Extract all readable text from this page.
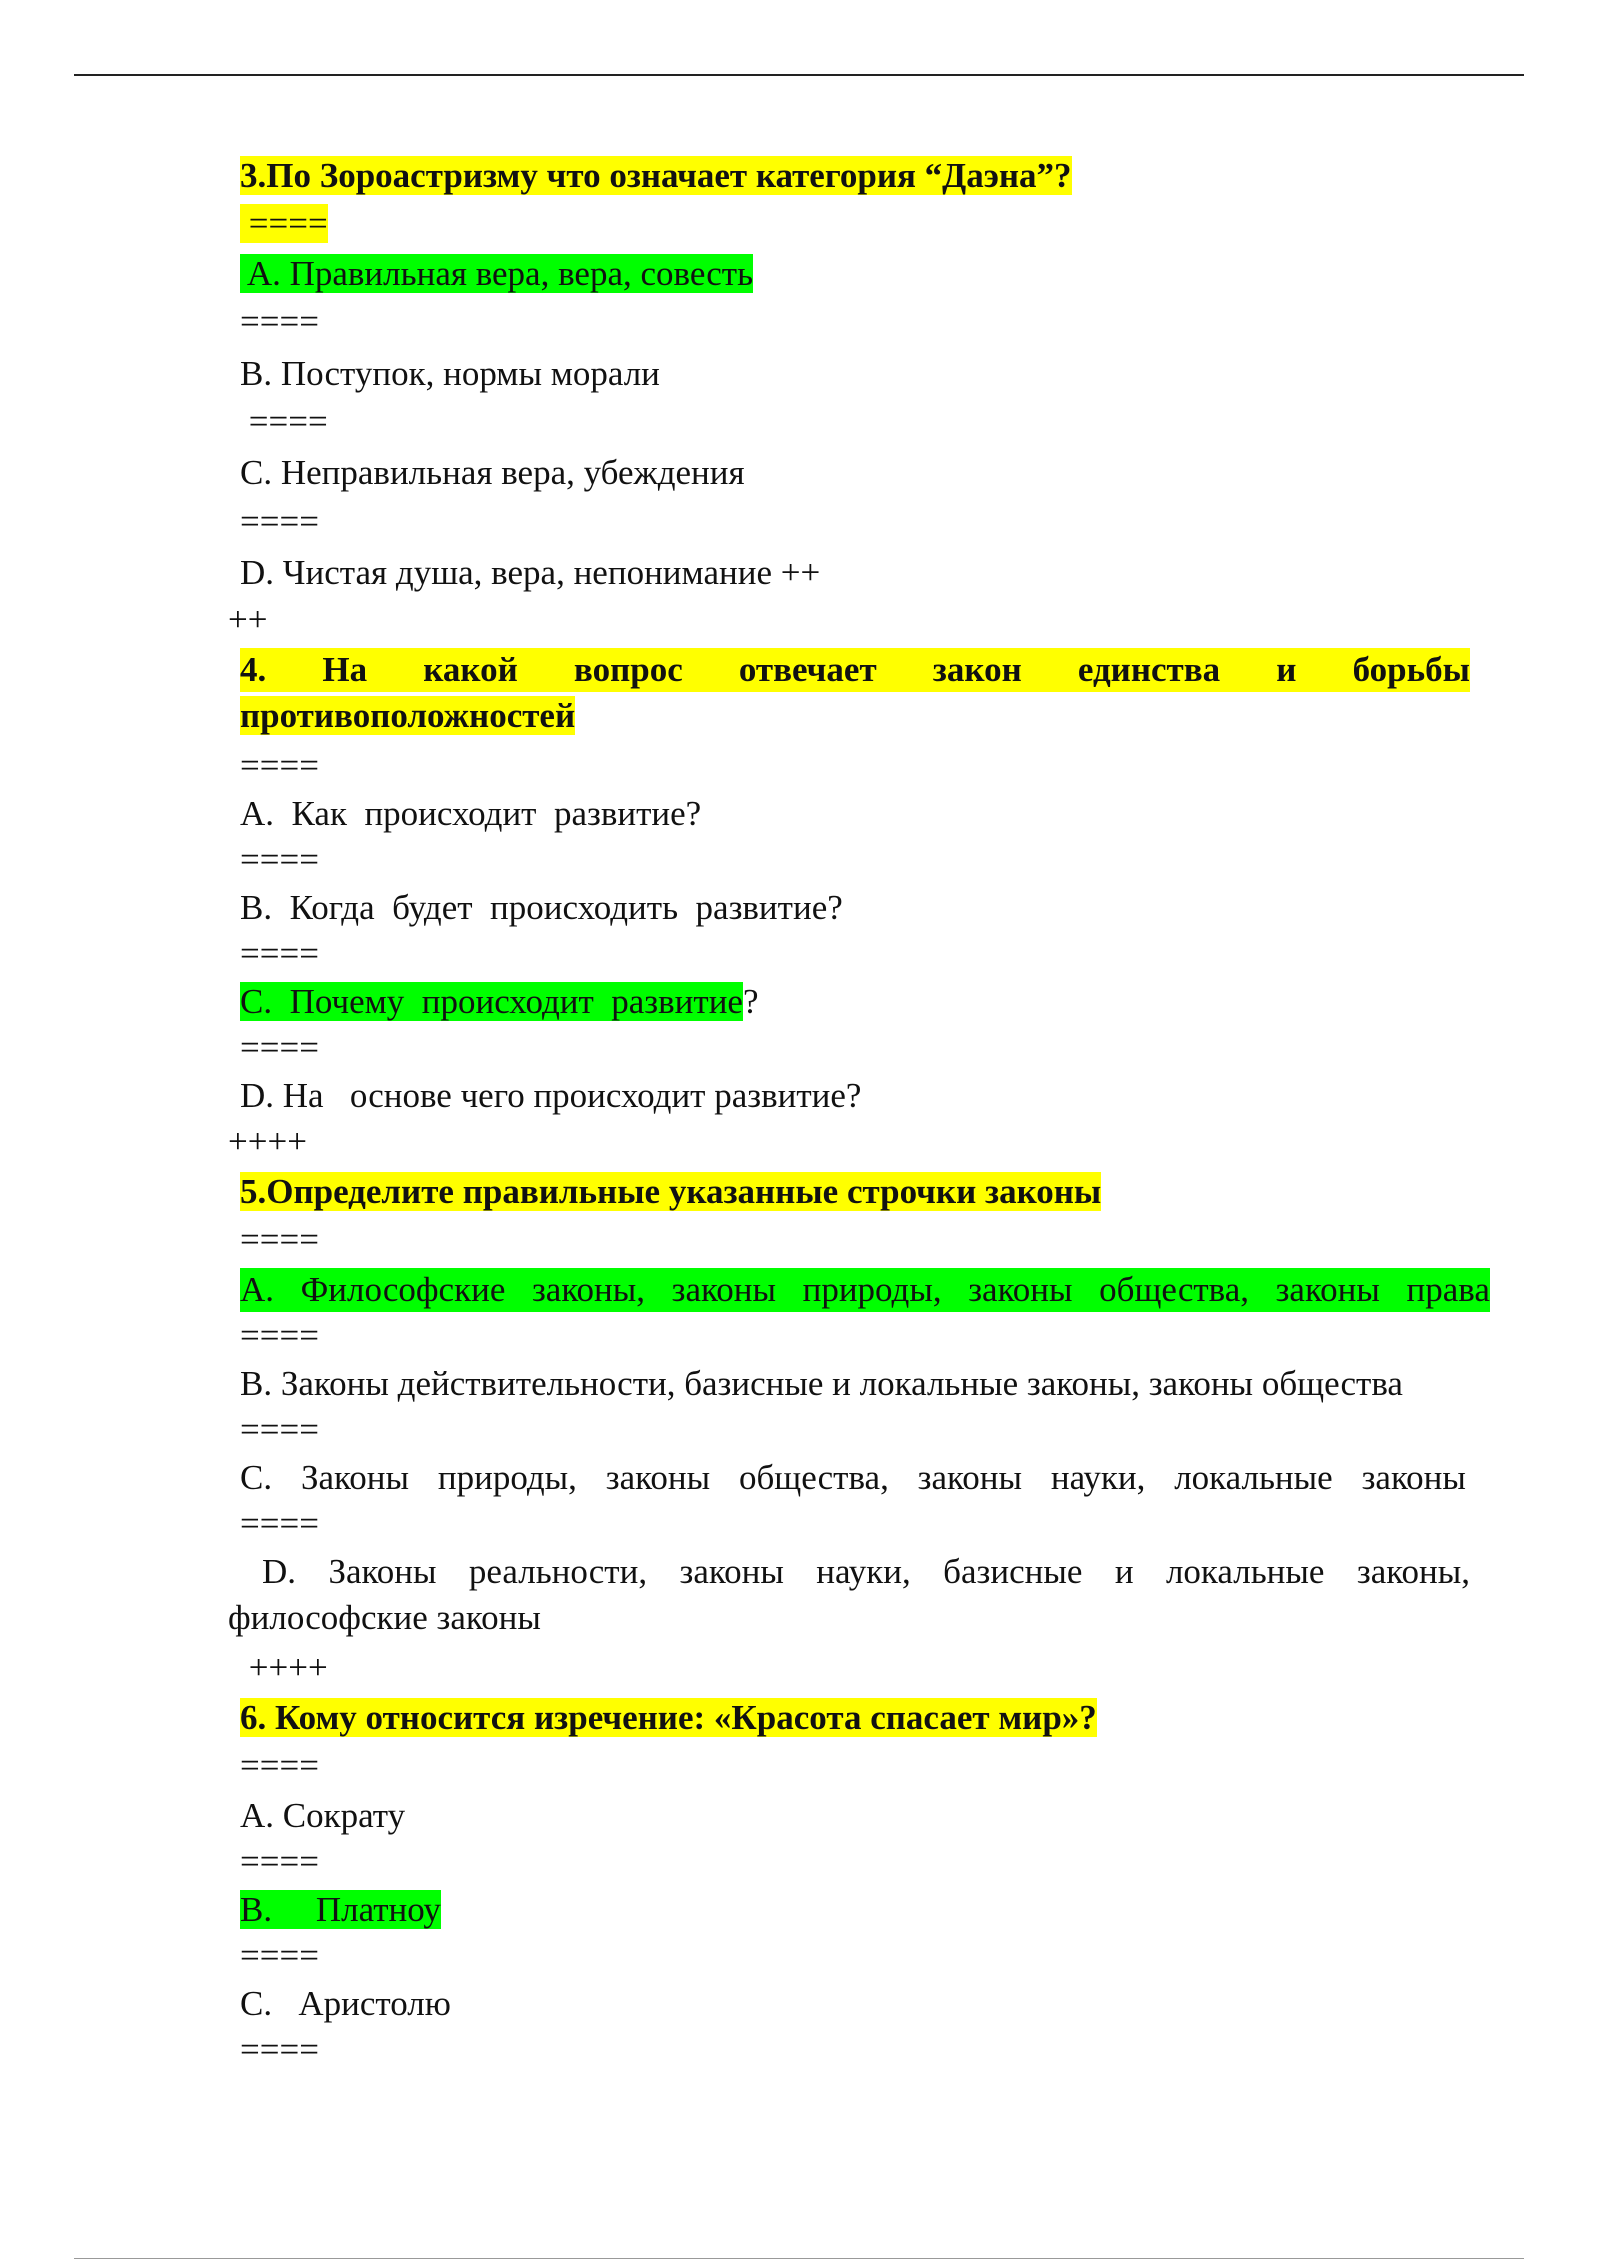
3.По Зороастризму что означает категория “Даэна”?
====
A. Правильная вера, вера, совесть
====
B. Поступок, нормы морали
====
C. Неправильная вера, убеждения
====
D. Чистая душа, вера, непонимание ++
++
4. На какой вопрос отвечает закон единства и борьбы
противоположностей
====
A.  Как  происходит  развитие?
====
B.  Когда  будет  происходить  развитие?
====
C.  Почему  происходит  развитие?
====
D. На   основе чего происходит развитие?
++++
5.Определите правильные указанные строчки законы
====
A. Философские законы, законы природы, законы общества, законы права
====
B. Законы действительности, базисные и локальные законы, законы общества
====
C. Законы природы, законы общества, законы науки, локальные законы
====
D. Законы реальности, законы науки, базисные и локальные законы,
философские законы
++++
6. Кому относится изречение: «Красота спасает мир»?
====
A. Сократу
====
B.     Платноу
====
C.   Аристолю
====
